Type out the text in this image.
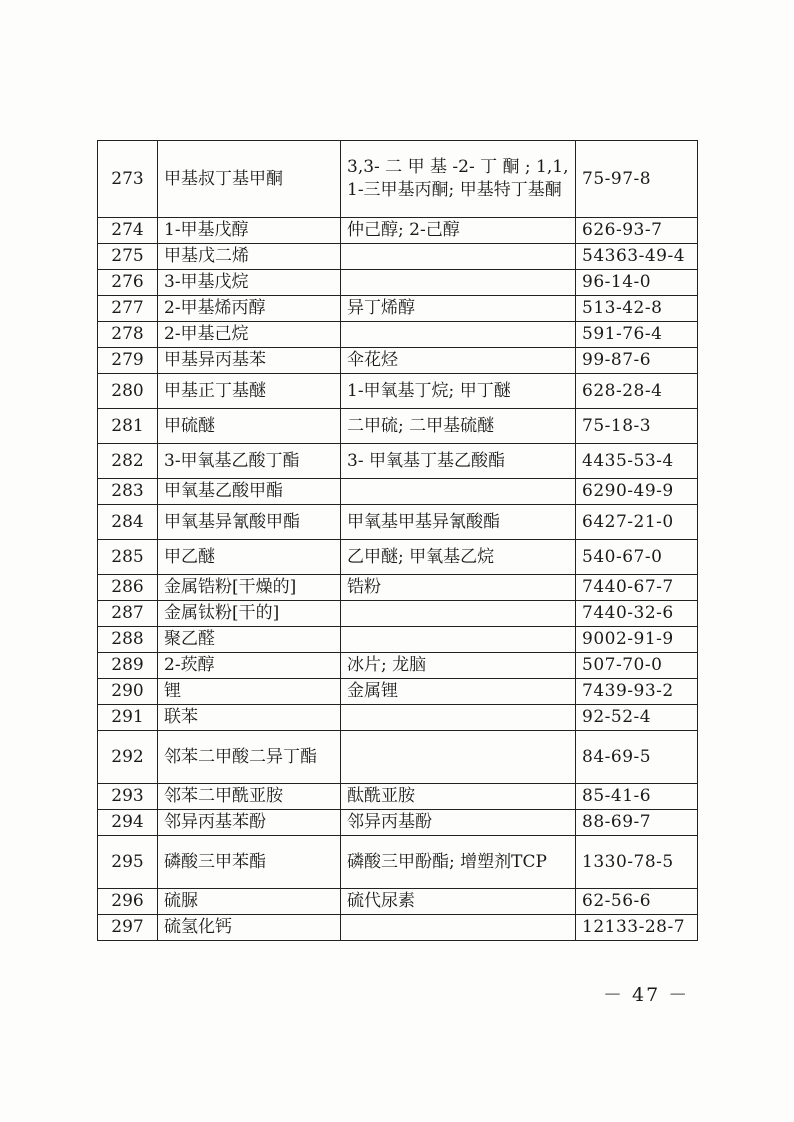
273	甲基叔丁基甲酮	3,3- 二 甲 基 -2- 丁 酮 ; 1,1,1-三甲基丙酮; 甲基特丁基酮	75-97-8
274	1-甲基戊醇	仲己醇; 2-己醇	626-93-7
275	甲基戊二烯		54363-49-4
276	3-甲基戊烷		96-14-0
277	2-甲基烯丙醇	异丁烯醇	513-42-8
278	2-甲基己烷		591-76-4
279	甲基异丙基苯	伞花烃	99-87-6
280	甲基正丁基醚	1-甲氧基丁烷; 甲丁醚	628-28-4
281	甲硫醚	二甲硫; 二甲基硫醚	75-18-3
282	3-甲氧基乙酸丁酯	3- 甲氧基丁基乙酸酯	4435-53-4
283	甲氧基乙酸甲酯		6290-49-9
284	甲氧基异氰酸甲酯	甲氧基甲基异氰酸酯	6427-21-0
285	甲乙醚	乙甲醚; 甲氧基乙烷	540-67-0
286	金属锆粉[干燥的]	锆粉	7440-67-7
287	金属钛粉[干的]		7440-32-6
288	聚乙醛		9002-91-9
289	2-莰醇	冰片; 龙脑	507-70-0
290	锂	金属锂	7439-93-2
291	联苯		92-52-4
292	邻苯二甲酸二异丁酯		84-69-5
293	邻苯二甲酰亚胺	酞酰亚胺	85-41-6
294	邻异丙基苯酚	邻异丙基酚	88-69-7
295	磷酸三甲苯酯	磷酸三甲酚酯; 增塑剂TCP	1330-78-5
296	硫脲	硫代尿素	62-56-6
297	硫氢化钙		12133-28-7
－ 47 －
